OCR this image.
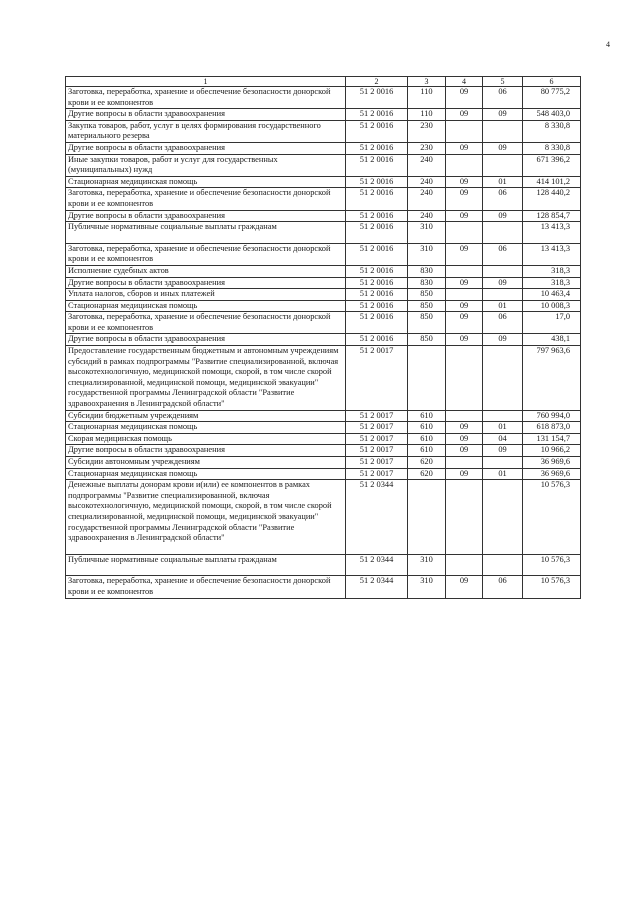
4
1	2	3	4	5	6
Заготовка, переработка, хранение и обеспечение безопасности донорской крови и ее компонентов	51 2 0016	110	09	06	80 775,2
Другие вопросы в области здравоохранения	51 2 0016	110	09	09	548 403,0
Закупка товаров, работ, услуг в целях формирования государственного материального резерва	51 2 0016	230			8 330,8
Другие вопросы в области здравоохранения	51 2 0016	230	09	09	8 330,8
Иные закупки товаров, работ и услуг для государственных (муниципальных) нужд	51 2 0016	240			671 396,2
Стационарная медицинская помощь	51 2 0016	240	09	01	414 101,2
Заготовка, переработка, хранение и обеспечение безопасности донорской крови и ее компонентов	51 2 0016	240	09	06	128 440,2
Другие вопросы в области здравоохранения	51 2 0016	240	09	09	128 854,7
Публичные нормативные социальные выплаты гражданам	51 2 0016	310			13 413,3
Заготовка, переработка, хранение и обеспечение безопасности донорской крови и ее компонентов	51 2 0016	310	09	06	13 413,3
Исполнение судебных актов	51 2 0016	830			318,3
Другие вопросы в области здравоохранения	51 2 0016	830	09	09	318,3
Уплата налогов, сборов и иных платежей	51 2 0016	850			10 463,4
Стационарная медицинская помощь	51 2 0016	850	09	01	10 008,3
Заготовка, переработка, хранение и обеспечение безопасности донорской крови и ее компонентов	51 2 0016	850	09	06	17,0
Другие вопросы в области здравоохранения	51 2 0016	850	09	09	438,1
Предоставление государственным бюджетным и автономным учреждениям субсидий в рамках подпрограммы "Развитие специализированной, включая высокотехнологичную, медицинской помощи, скорой, в том числе скорой специализированной, медицинской помощи, медицинской эвакуации" государственной программы Ленинградской области "Развитие здравоохранения в Ленинградской области"	51 2 0017				797 963,6
Субсидии бюджетным учреждениям	51 2 0017	610			760 994,0
Стационарная медицинская помощь	51 2 0017	610	09	01	618 873,0
Скорая медицинская помощь	51 2 0017	610	09	04	131 154,7
Другие вопросы в области здравоохранения	51 2 0017	610	09	09	10 966,2
Субсидии автономным учреждениям	51 2 0017	620			36 969,6
Стационарная медицинская помощь	51 2 0017	620	09	01	36 969,6
Денежные выплаты донорам крови и(или) ее компонентов в рамках подпрограммы "Развитие специализированной, включая высокотехнологичную, медицинской помощи, скорой, в том числе скорой специализированной, медицинской помощи, медицинской эвакуации" государственной программы Ленинградской области "Развитие здравоохранения в Ленинградской области"	51 2 0344				10 576,3
Публичные нормативные социальные выплаты гражданам	51 2 0344	310			10 576,3
Заготовка, переработка, хранение и обеспечение безопасности донорской крови и ее компонентов	51 2 0344	310	09	06	10 576,3
